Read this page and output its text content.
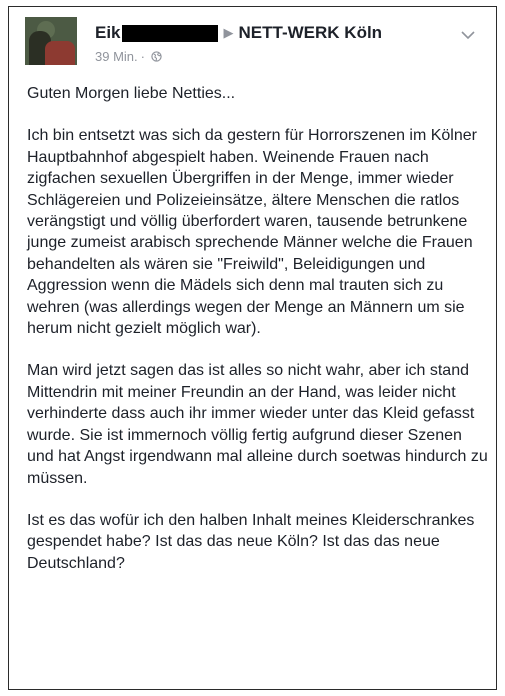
Eik	▶ NETT-WERK Köln
39 Min. ·

Guten Morgen liebe Netties...

Ich bin entsetzt was sich da gestern für Horrorszenen im Kölner Hauptbahnhof abgespielt haben. Weinende Frauen nach zigfachen sexuellen Übergriffen in der Menge, immer wieder Schlägereien und Polizeieinsätze, ältere Menschen die ratlos verängstigt und völlig überfordert waren, tausende betrunkene junge zumeist arabisch sprechende Männer welche die Frauen behandelten als wären sie "Freiwild", Beleidigungen und Aggression wenn die Mädels sich denn mal trauten sich zu wehren (was allerdings wegen der Menge an Männern um sie herum nicht gezielt möglich war).

Man wird jetzt sagen das ist alles so nicht wahr, aber ich stand Mittendrin mit meiner Freundin an der Hand, was leider nicht verhinderte dass auch ihr immer wieder unter das Kleid gefasst wurde. Sie ist immernoch völlig fertig aufgrund dieser Szenen und hat Angst irgendwann mal alleine durch soetwas hindurch zu müssen.

Ist es das wofür ich den halben Inhalt meines Kleiderschrankes gespendet habe? Ist das das neue Köln? Ist das das neue Deutschland?
